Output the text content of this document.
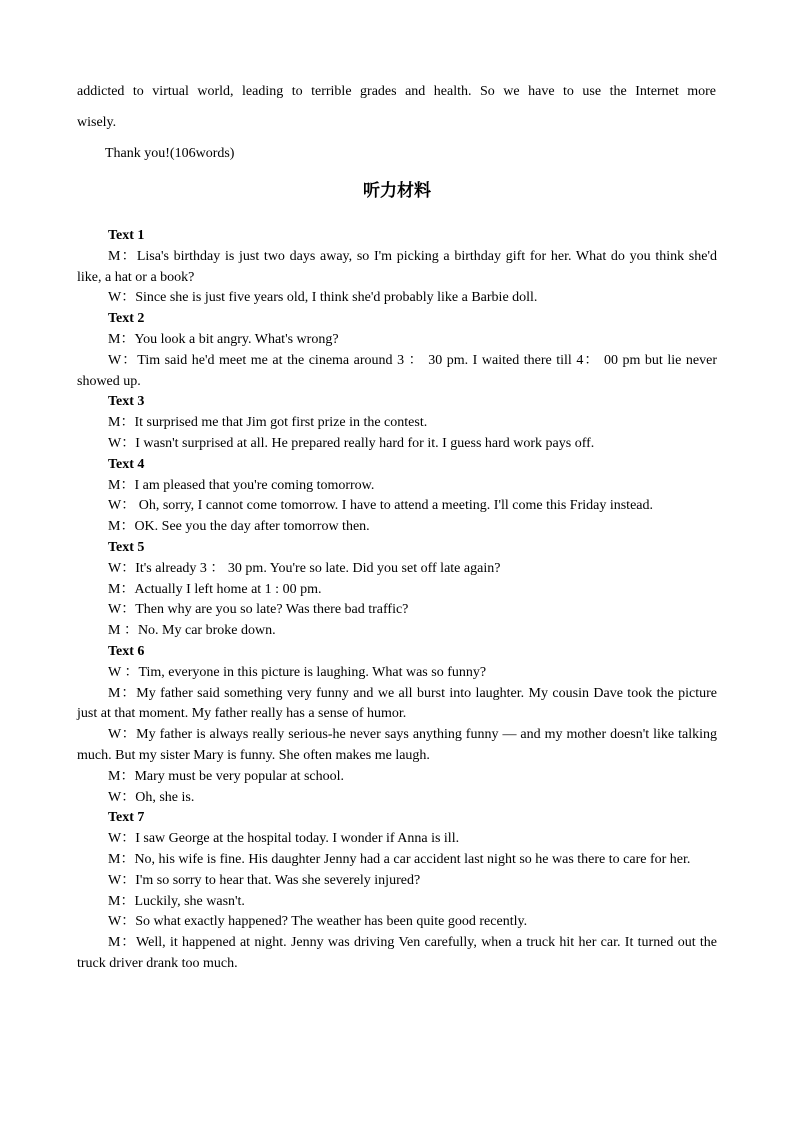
addicted to virtual world, leading to terrible grades and health. So we have to use the Internet more
wisely.
Thank you!(106words)
听力材料
Text 1

M：Lisa's birthday is just two days away, so I'm picking a birthday gift for her. What do you think she'd like, a hat or a book?

W：Since she is just five years old, I think she'd probably like a Barbie doll.

Text 2

M：You look a bit angry. What's wrong?

W：Tim said he'd meet me at the cinema around 3 ： 30 pm. I waited there till 4： 00 pm but lie never showed up.

Text 3

M：It surprised me that Jim got first prize in the contest.

W：I wasn't surprised at all. He prepared really hard for it. I guess hard work pays off.

Text 4

M：I am pleased that you're coming tomorrow.

W： Oh, sorry, I cannot come tomorrow. I have to attend a meeting. I'll come this Friday instead.

M：OK. See you the day after tomorrow then.

Text 5

W：It's already 3 ： 30 pm. You're so late. Did you set off late again?

M：Actually I left home at 1 : 00 pm.

W：Then why are you so late? Was there bad traffic?

M ：No. My car broke down.

Text 6

W ：Tim, everyone in this picture is laughing. What was so funny?

M：My father said something very funny and we all burst into laughter. My cousin Dave took the picture just at that moment. My father really has a sense of humor.

W：My father is always really serious-he never says anything funny — and my mother doesn't like talking much. But my sister Mary is funny. She often makes me laugh.

M：Mary must be very popular at school.

W：Oh, she is.

Text 7

W：I saw George at the hospital today. I wonder if Anna is ill.

M：No, his wife is fine. His daughter Jenny had a car accident last night so he was there to care for her.

W：I'm so sorry to hear that. Was she severely injured?

M：Luckily, she wasn't.

W：So what exactly happened? The weather has been quite good recently.

M：Well, it happened at night. Jenny was driving Ven carefully, when a truck hit her car. It turned out the truck driver drank too much.
